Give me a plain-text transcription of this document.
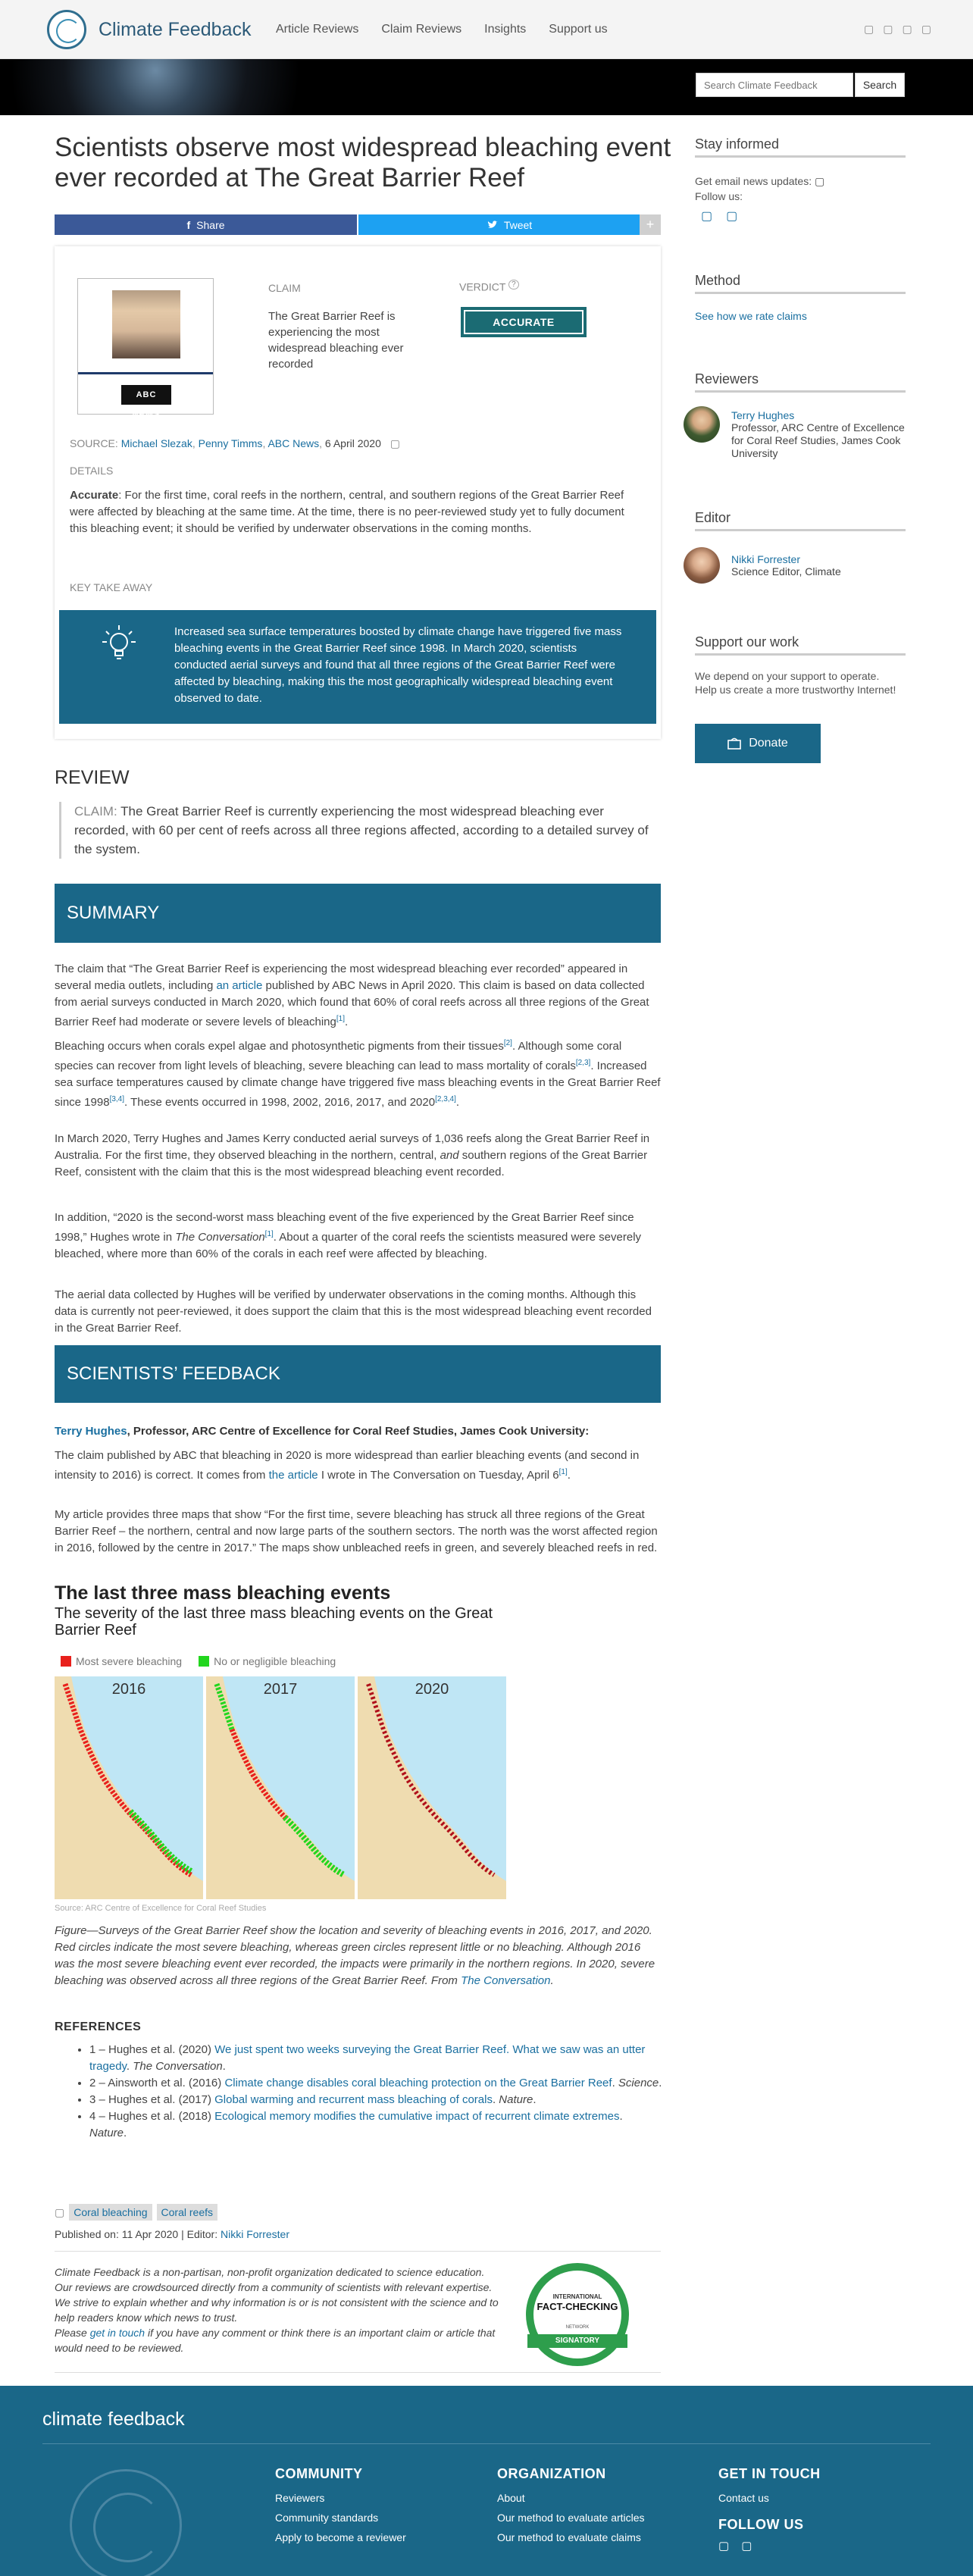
Climate Feedback Article Reviews Claim Reviews Insights Support us	▢ ▢ ▢ ▢
Search Climate Feedback
Search
Scientists observe most widespread bleaching event ever recorded at The Great Barrier Reef
f Share	Tweet	+
ABC NEWS
CLAIM
The Great Barrier Reef is experiencing the most widespread bleaching ever recorded
VERDICT ?
ACCURATE
SOURCE: Michael Slezak, Penny Timms, ABC News, 6 April 2020 ▢
DETAILS
Accurate: For the first time, coral reefs in the northern, central, and southern regions of the Great Barrier Reef were affected by bleaching at the same time. At the time, there is no peer-reviewed study yet to fully document this bleaching event; it should be verified by underwater observations in the coming months.
KEY TAKE AWAY
Increased sea surface temperatures boosted by climate change have triggered five mass bleaching events in the Great Barrier Reef since 1998. In March 2020, scientists conducted aerial surveys and found that all three regions of the Great Barrier Reef were affected by bleaching, making this the most geographically widespread bleaching event observed to date.
Stay informed
Get email news updates: ▢
Follow us:
▢ ▢
Method
See how we rate claims
Reviewers
Terry Hughes
Professor, ARC Centre of Excellence for Coral Reef Studies, James Cook University
Editor
Nikki Forrester
Science Editor, Climate
Support our work
We depend on your support to operate. Help us create a more trustworthy Internet!
Donate
REVIEW
CLAIM: The Great Barrier Reef is currently experiencing the most widespread bleaching ever recorded, with 60 per cent of reefs across all three regions affected, according to a detailed survey of the system.
SUMMARY

The claim that “The Great Barrier Reef is experiencing the most widespread bleaching ever recorded” appeared in several media outlets, including an article published by ABC News in April 2020. This claim is based on data collected from aerial surveys conducted in March 2020, which found that 60% of coral reefs across all three regions of the Great Barrier Reef had moderate or severe levels of bleaching[1].

Bleaching occurs when corals expel algae and photosynthetic pigments from their tissues[2]. Although some coral species can recover from light levels of bleaching, severe bleaching can lead to mass mortality of corals[2,3]. Increased sea surface temperatures caused by climate change have triggered five mass bleaching events in the Great Barrier Reef since 1998[3,4]. These events occurred in 1998, 2002, 2016, 2017, and 2020[2,3,4].

In March 2020, Terry Hughes and James Kerry conducted aerial surveys of 1,036 reefs along the Great Barrier Reef in Australia. For the first time, they observed bleaching in the northern, central, and southern regions of the Great Barrier Reef, consistent with the claim that this is the most widespread bleaching event recorded.

In addition, “2020 is the second-worst mass bleaching event of the five experienced by the Great Barrier Reef since 1998,” Hughes wrote in The Conversation[1]. About a quarter of the coral reefs the scientists measured were severely bleached, where more than 60% of the corals in each reef were affected by bleaching.

The aerial data collected by Hughes will be verified by underwater observations in the coming months. Although this data is currently not peer-reviewed, it does support the claim that this is the most widespread bleaching event recorded in the Great Barrier Reef.

SCIENTISTS’ FEEDBACK

Terry Hughes, Professor, ARC Centre of Excellence for Coral Reef Studies, James Cook University:

The claim published by ABC that bleaching in 2020 is more widespread than earlier bleaching events (and second in intensity to 2016) is correct. It comes from the article I wrote in The Conversation on Tuesday, April 6[1].

My article provides three maps that show “For the first time, severe bleaching has struck all three regions of the Great Barrier Reef – the northern, central and now large parts of the southern sectors. The north was the worst affected region in 2016, followed by the centre in 2017.” The maps show unbleached reefs in green, and severely bleached reefs in red.

The last three mass bleaching events
The severity of the last three mass bleaching events on the Great Barrier Reef
Most severe bleaching	No or negligible bleaching
2016	2017	2020
Source: ARC Centre of Excellence for Coral Reef Studies

Figure—Surveys of the Great Barrier Reef show the location and severity of bleaching events in 2016, 2017, and 2020. Red circles indicate the most severe bleaching, whereas green circles represent little or no bleaching. Although 2016 was the most severe bleaching event ever recorded, the impacts were primarily in the northern regions. In 2020, severe bleaching was observed across all three regions of the Great Barrier Reef. From The Conversation.

REFERENCES
• 1 – Hughes et al. (2020) We just spent two weeks surveying the Great Barrier Reef. What we saw was an utter tragedy. The Conversation.
• 2 – Ainsworth et al. (2016) Climate change disables coral bleaching protection on the Great Barrier Reef. Science.
• 3 – Hughes et al. (2017) Global warming and recurrent mass bleaching of corals. Nature.
• 4 – Hughes et al. (2018) Ecological memory modifies the cumulative impact of recurrent climate extremes. Nature.
▢ Coral bleaching	Coral reefs
Published on: 11 Apr 2020 | Editor: Nikki Forrester

Climate Feedback is a non-partisan, non-profit organization dedicated to science education. Our reviews are crowdsourced directly from a community of scientists with relevant expertise. We strive to explain whether and why information is or is not consistent with the science and to help readers know which news to trust.
Please get in touch if you have any comment or think there is an important claim or article that would need to be reviewed.

INTERNATIONAL
FACT-CHECKING
NETWORK
SIGNATORY
climate feedback
COMMUNITY
Reviewers
Community standards
Apply to become a reviewer
ORGANIZATION
About
Our method to evaluate articles
Our method to evaluate claims
GET IN TOUCH
Contact us
FOLLOW US
▢ ▢
